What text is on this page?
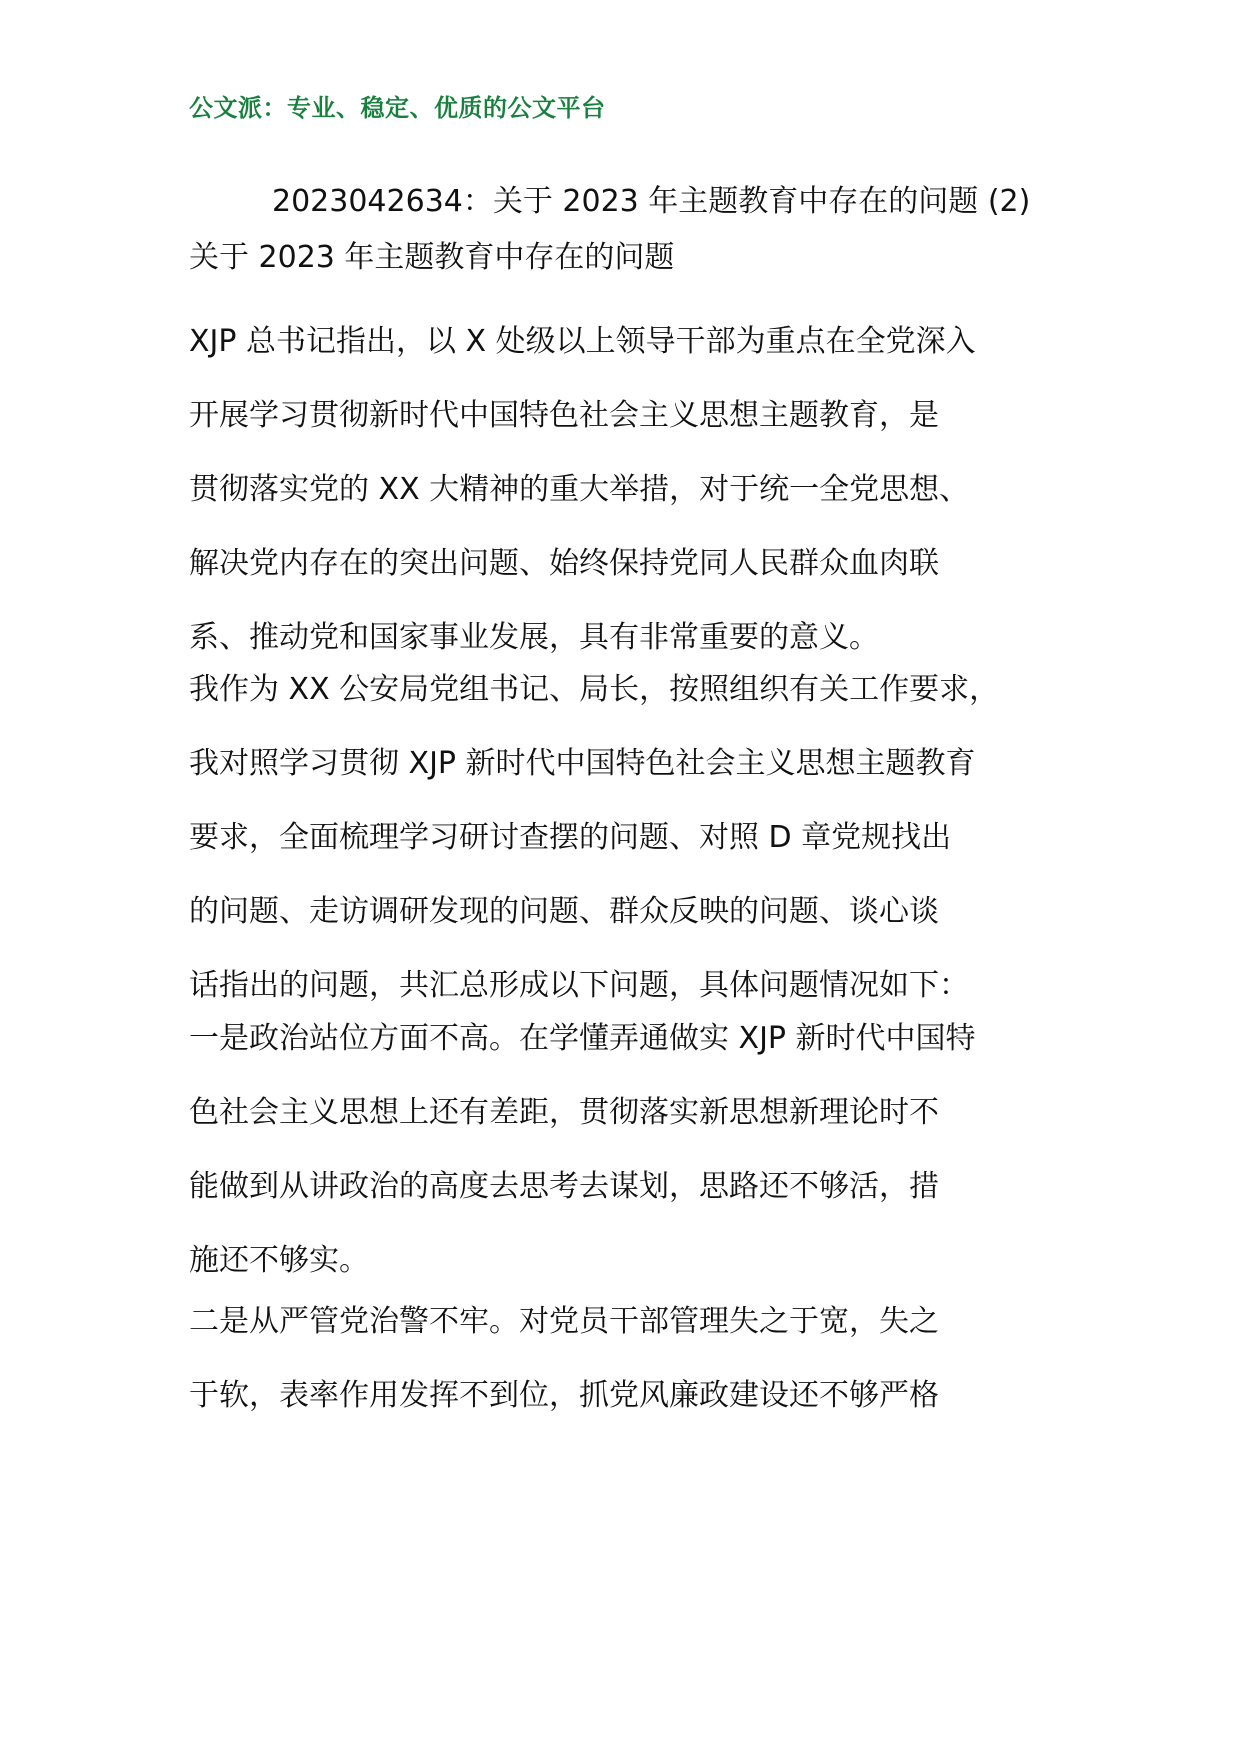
公文派：专业、稳定、优质的公文平台
2023042634：关于 2023 年主题教育中存在的问题 (2)
关于 2023 年主题教育中存在的问题
XJP 总书记指出，以 X 处级以上领导干部为重点在全党深入
开展学习贯彻新时代中国特色社会主义思想主题教育，是
贯彻落实党的 XX 大精神的重大举措，对于统一全党思想、
解决党内存在的突出问题、始终保持党同人民群众血肉联
系、推动党和国家事业发展，具有非常重要的意义。
我作为 XX 公安局党组书记、局长，按照组织有关工作要求，
我对照学习贯彻 XJP 新时代中国特色社会主义思想主题教育
要求，全面梳理学习研讨查摆的问题、对照 D 章党规找出
的问题、走访调研发现的问题、群众反映的问题、谈心谈
话指出的问题，共汇总形成以下问题，具体问题情况如下：
一是政治站位方面不高。在学懂弄通做实 XJP 新时代中国特
色社会主义思想上还有差距，贯彻落实新思想新理论时不
能做到从讲政治的高度去思考去谋划，思路还不够活，措
施还不够实。
二是从严管党治警不牢。对党员干部管理失之于宽，失之
于软，表率作用发挥不到位，抓党风廉政建设还不够严格
